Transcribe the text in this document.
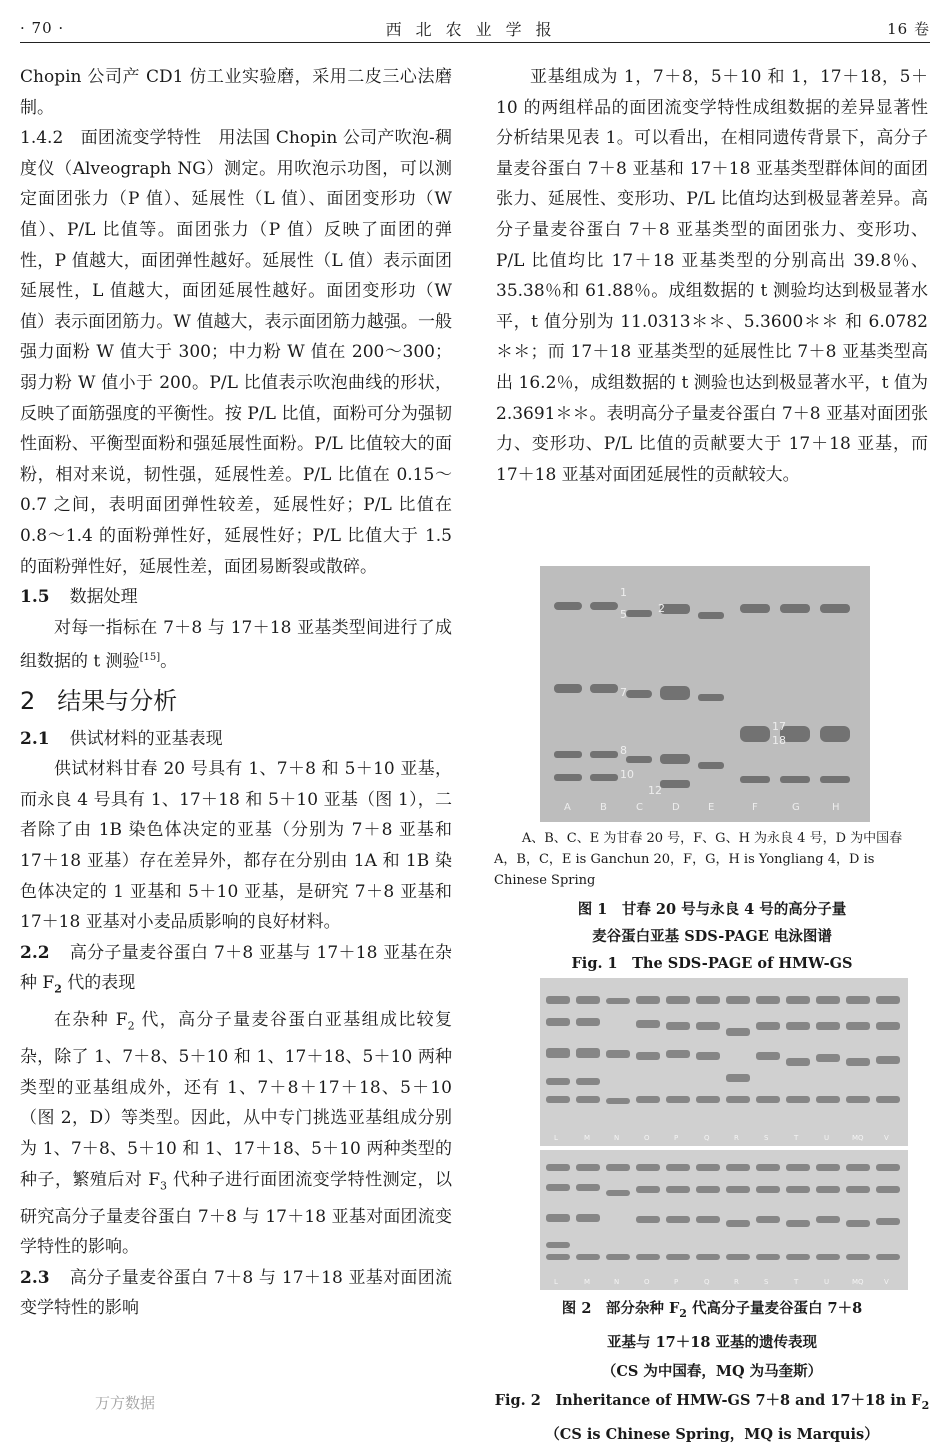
· 70 ·	西北农业学报	16 卷

Chopin 公司产 CD1 仿工业实验磨，采用二皮三心法磨制。

1.4.2　面团流变学特性　用法国 Chopin 公司产吹泡-稠度仪（Alveograph NG）测定。用吹泡示功图，可以测定面团张力（P 值）、延展性（L 值）、面团变形功（W 值）、P/L 比值等。面团张力（P 值）反映了面团的弹性，P 值越大，面团弹性越好。延展性（L 值）表示面团延展性，L 值越大，面团延展性越好。面团变形功（W 值）表示面团筋力。W 值越大，表示面团筋力越强。一般强力面粉 W 值大于 300；中力粉 W 值在 200～300；弱力粉 W 值小于 200。P/L 比值表示吹泡曲线的形状，反映了面筋强度的平衡性。按 P/L 比值，面粉可分为强韧性面粉、平衡型面粉和强延展性面粉。P/L 比值较大的面粉，相对来说，韧性强，延展性差。P/L 比值在 0.15～0.7 之间，表明面团弹性较差，延展性好；P/L 比值在 0.8～1.4 的面粉弹性好，延展性好；P/L 比值大于 1.5 的面粉弹性好，延展性差，面团易断裂或散碎。

1.5 数据处理

对每一指标在 7＋8 与 17＋18 亚基类型间进行了成组数据的 t 测验[15]。

2 结果与分析

2.1 供试材料的亚基表现

供试材料甘春 20 号具有 1、7＋8 和 5＋10 亚基，而永良 4 号具有 1、17＋18 和 5＋10 亚基（图 1），二者除了由 1B 染色体决定的亚基（分别为 7＋8 亚基和 17＋18 亚基）存在差异外，都存在分别由 1A 和 1B 染色体决定的 1 亚基和 5＋10 亚基，是研究 7＋8 亚基和 17＋18 亚基对小麦品质影响的良好材料。

2.2 高分子量麦谷蛋白 7＋8 亚基与 17＋18 亚基在杂种 $F_2$ 代的表现

在杂种 $F_2$ 代，高分子量麦谷蛋白亚基组成比较复杂，除了 1、7＋8、5＋10 和 1、17＋18、5＋10 两种类型的亚基组成外，还有 1、7＋8＋17＋18、5＋10（图 2，D）等类型。因此，从中专门挑选亚基组成分别为 1、7＋8、5＋10 和 1、17＋18、5＋10 两种类型的种子，繁殖后对 $F_3$ 代种子进行面团流变学特性测定，以研究高分子量麦谷蛋白 7＋8 与 17＋18 亚基对面团流变学特性的影响。

2.3 高分子量麦谷蛋白 7＋8 与 17＋18 亚基对面团流变学特性的影响

亚基组成为 1，7＋8，5＋10 和 1，17＋18，5＋10 的两组样品的面团流变学特性成组数据的差异显著性分析结果见表 1。可以看出，在相同遗传背景下，高分子量麦谷蛋白 7＋8 亚基和 17＋18 亚基类型群体间的面团张力、延展性、变形功、P/L 比值均达到极显著差异。高分子量麦谷蛋白 7＋8 亚基类型的面团张力、变形功、P/L 比值均比 17＋18 亚基类型的分别高出 39.8％、35.38％和 61.88％。成组数据的 t 测验均达到极显著水平，t 值分别为 11.0313＊＊、5.3600＊＊ 和 6.0782＊＊；而 17＋18 亚基类型的延展性比 7＋8 亚基类型高出 16.2％，成组数据的 t 测验也达到极显著水平，t 值为 2.3691＊＊。表明高分子量麦谷蛋白 7＋8 亚基对面团张力、变形功、P/L 比值的贡献要大于 17＋18 亚基，而 17＋18 亚基对面团延展性的贡献较大。

1
5	2
7
8
10
12
17
18
A	B	C	D	E	F	G	H
A、B、C、E 为甘春 20 号，F、G、H 为永良 4 号，D 为中国春
A，B，C，E is Ganchun 20，F，G，H is Yongliang 4，D is Chinese Spring
图 1　甘春 20 号与永良 4 号的高分子量
麦谷蛋白亚基 SDS-PAGE 电泳图谱
Fig. 1　The SDS-PAGE of HMW-GS
L	M	N	O	P	Q	R	S	T	U	MQ	V
L	M	N	O	P	Q	R	S	T	U	MQ	V
图 2　部分杂种 $F_2$ 代高分子量麦谷蛋白 7＋8
亚基与 17＋18 亚基的遗传表现
（CS 为中国春，MQ 为马奎斯）
Fig. 2　Inheritance of HMW-GS 7＋8 and 17＋18 in $F_2$
（CS is Chinese Spring，MQ is Marquis）
万方数据
